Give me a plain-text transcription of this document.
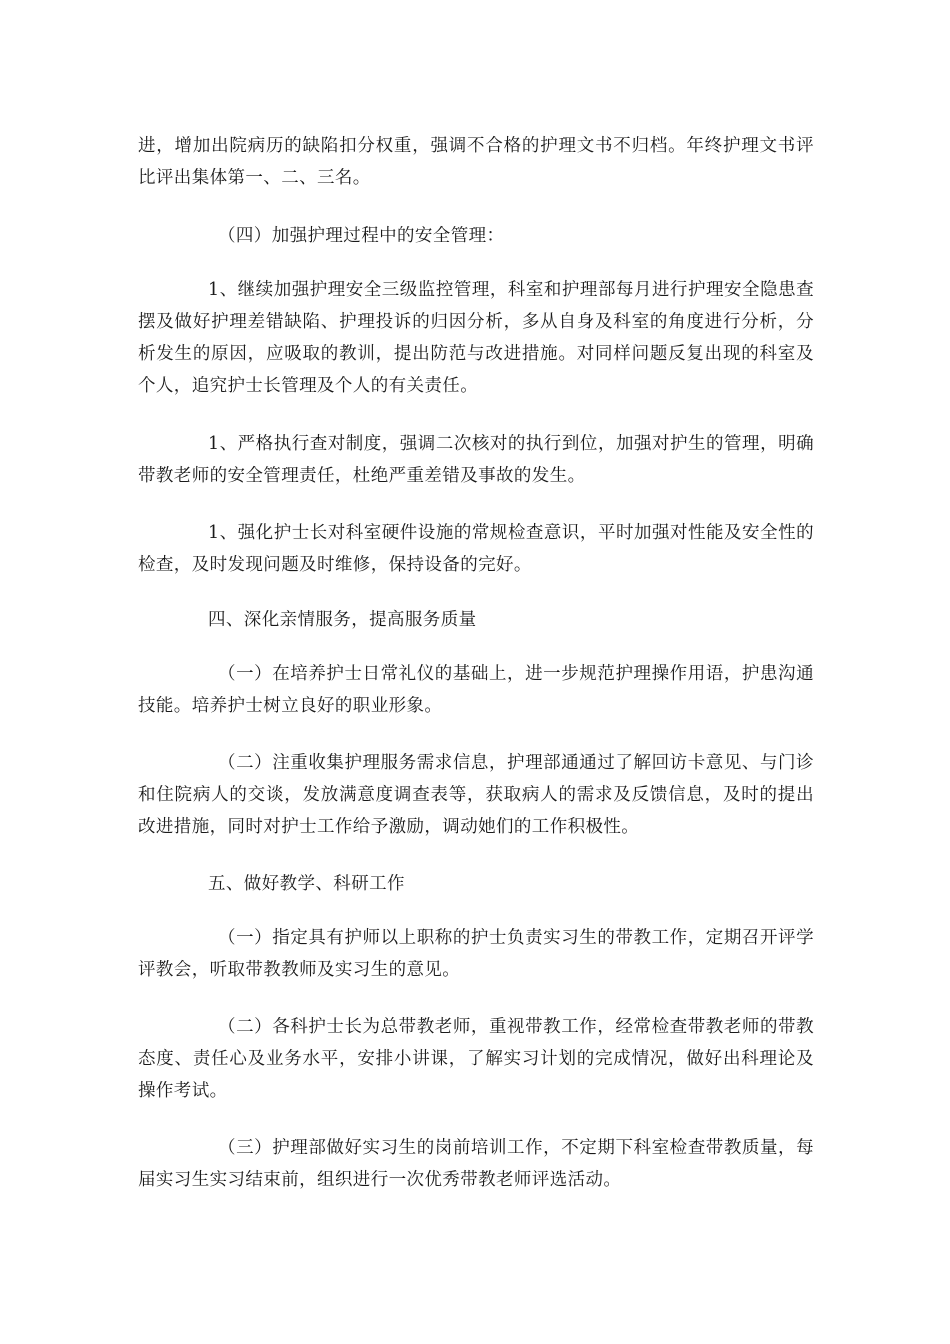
进，增加出院病历的缺陷扣分权重，强调不合格的护理文书不归档。年终护理文书评比评出集体第一、二、三名。

（四）加强护理过程中的安全管理：

1、继续加强护理安全三级监控管理，科室和护理部每月进行护理安全隐患查摆及做好护理差错缺陷、护理投诉的归因分析，多从自身及科室的角度进行分析，分析发生的原因，应吸取的教训，提出防范与改进措施。对同样问题反复出现的科室及个人，追究护士长管理及个人的有关责任。

1、严格执行查对制度，强调二次核对的执行到位，加强对护生的管理，明确带教老师的安全管理责任，杜绝严重差错及事故的发生。

1、强化护士长对科室硬件设施的常规检查意识，平时加强对性能及安全性的检查，及时发现问题及时维修，保持设备的完好。

四、深化亲情服务，提高服务质量

（一）在培养护士日常礼仪的基础上，进一步规范护理操作用语，护患沟通技能。培养护士树立良好的职业形象。

（二）注重收集护理服务需求信息，护理部通通过了解回访卡意见、与门诊和住院病人的交谈，发放满意度调查表等，获取病人的需求及反馈信息，及时的提出改进措施，同时对护士工作给予激励，调动她们的工作积极性。

五、做好教学、科研工作

（一）指定具有护师以上职称的护士负责实习生的带教工作，定期召开评学评教会，听取带教教师及实习生的意见。

（二）各科护士长为总带教老师，重视带教工作，经常检查带教老师的带教态度、责任心及业务水平，安排小讲课，了解实习计划的完成情况，做好出科理论及操作考试。

（三）护理部做好实习生的岗前培训工作，不定期下科室检查带教质量，每届实习生实习结束前，组织进行一次优秀带教老师评选活动。
